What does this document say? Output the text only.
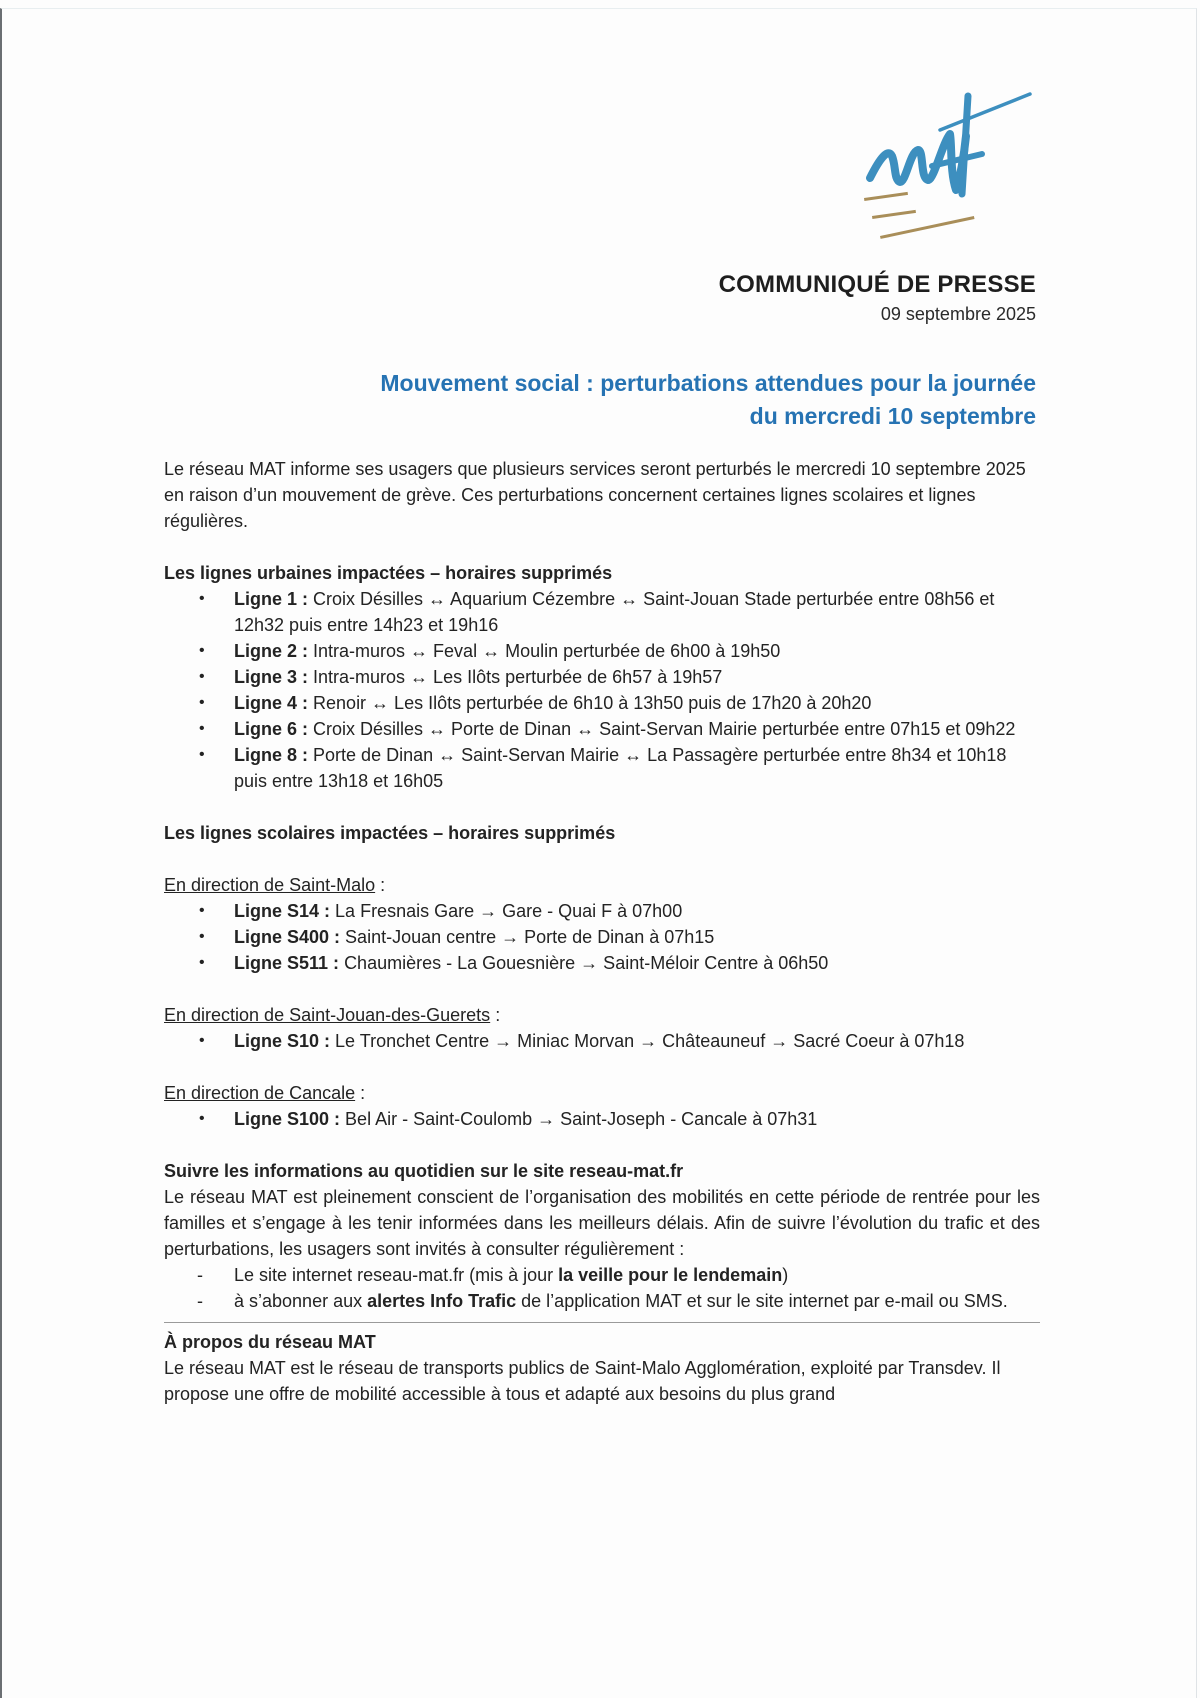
COMMUNIQUÉ DE PRESSE
09 septembre 2025
Mouvement social : perturbations attendues pour la journée
du mercredi 10 septembre

Le réseau MAT informe ses usagers que plusieurs services seront perturbés le mercredi 10 septembre 2025 en raison d’un mouvement de grève. Ces perturbations concernent certaines lignes scolaires et lignes régulières.

Les lignes urbaines impactées – horaires supprimés

• Ligne 1 : Croix Désilles ↔ Aquarium Cézembre ↔ Saint-Jouan Stade perturbée entre 08h56 et 12h32 puis entre 14h23 et 19h16
• Ligne 2 : Intra-muros ↔ Feval ↔ Moulin perturbée de 6h00 à 19h50
• Ligne 3 : Intra-muros ↔ Les Ilôts perturbée de 6h57 à 19h57
• Ligne 4 : Renoir ↔ Les Ilôts perturbée de 6h10 à 13h50 puis de 17h20 à 20h20
• Ligne 6 : Croix Désilles ↔ Porte de Dinan ↔ Saint-Servan Mairie perturbée entre 07h15 et 09h22
• Ligne 8 : Porte de Dinan ↔ Saint-Servan Mairie ↔ La Passagère perturbée entre 8h34 et 10h18 puis entre 13h18 et 16h05

Les lignes scolaires impactées – horaires supprimés

En direction de Saint-Malo :

• Ligne S14 : La Fresnais Gare → Gare - Quai F à 07h00
• Ligne S400 : Saint-Jouan centre → Porte de Dinan à 07h15
• Ligne S511 : Chaumières - La Gouesnière → Saint-Méloir Centre à 06h50

En direction de Saint-Jouan-des-Guerets :

• Ligne S10 : Le Tronchet Centre → Miniac Morvan → Châteauneuf → Sacré Coeur à 07h18

En direction de Cancale :

• Ligne S100 : Bel Air - Saint-Coulomb → Saint-Joseph - Cancale à 07h31

Suivre les informations au quotidien sur le site reseau-mat.fr

Le réseau MAT est pleinement conscient de l’organisation des mobilités en cette période de rentrée pour les familles et s’engage à les tenir informées dans les meilleurs délais. Afin de suivre l’évolution du trafic et des perturbations, les usagers sont invités à consulter régulièrement :

- Le site internet reseau-mat.fr (mis à jour la veille pour le lendemain)
- à s’abonner aux alertes Info Trafic de l’application MAT et sur le site internet par e-mail ou SMS.

À propos du réseau MAT

Le réseau MAT est le réseau de transports publics de Saint-Malo Agglomération, exploité par Transdev. Il propose une offre de mobilité accessible à tous et adapté aux besoins du plus grand
